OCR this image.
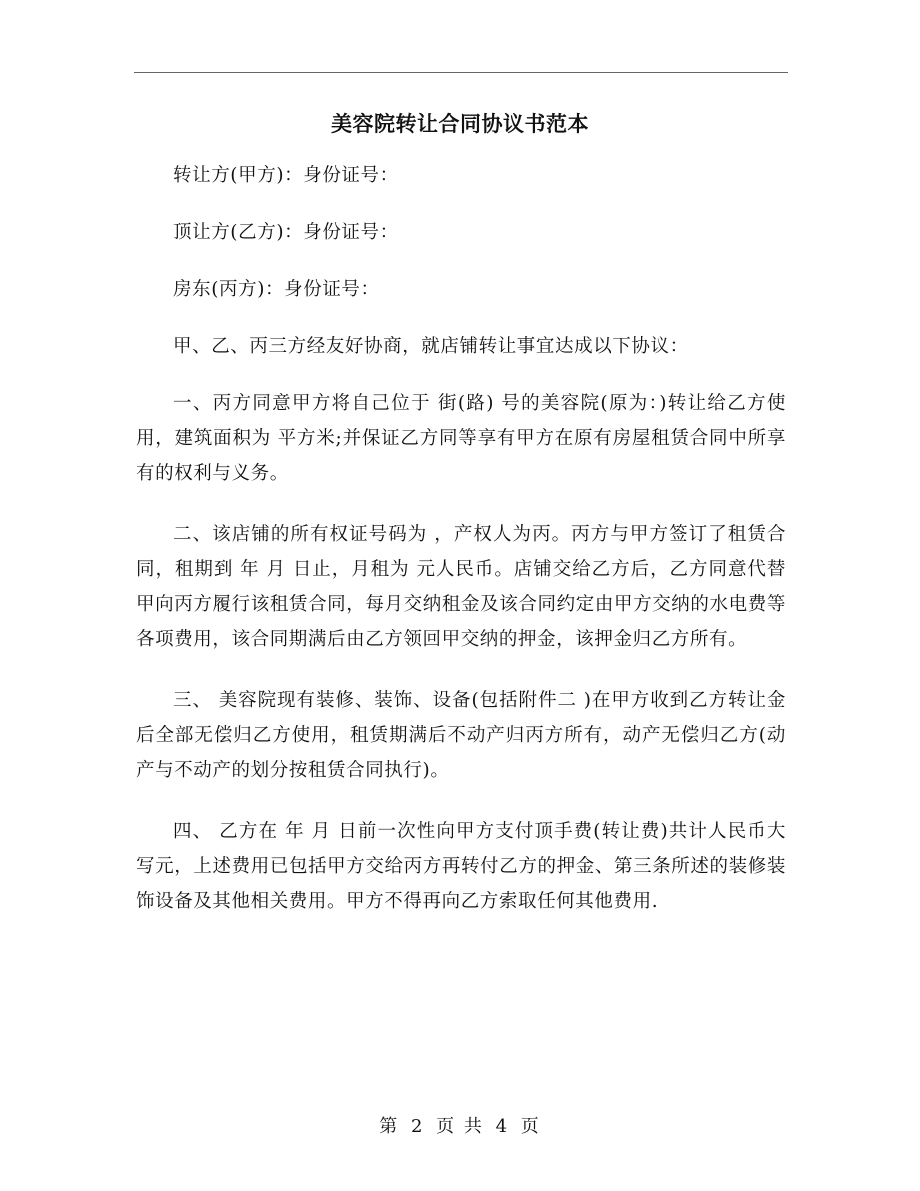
美容院转让合同协议书范本

转让方(甲方)：身份证号：

顶让方(乙方)：身份证号：

房东(丙方)：身份证号：

甲、乙、丙三方经友好协商，就店铺转让事宜达成以下协议：

一、丙方同意甲方将自己位于 街(路) 号的美容院(原为：)转让给乙方使用，建筑面积为 平方米;并保证乙方同等享有甲方在原有房屋租赁合同中所享有的权利与义务。

二、该店铺的所有权证号码为 ，产权人为丙。丙方与甲方签订了租赁合同，租期到 年 月 日止，月租为 元人民币。店铺交给乙方后，乙方同意代替甲向丙方履行该租赁合同，每月交纳租金及该合同约定由甲方交纳的水电费等各项费用，该合同期满后由乙方领回甲交纳的押金，该押金归乙方所有。

三、 美容院现有装修、装饰、设备(包括附件二 )在甲方收到乙方转让金后全部无偿归乙方使用，租赁期满后不动产归丙方所有，动产无偿归乙方(动产与不动产的划分按租赁合同执行)。

四、 乙方在 年 月 日前一次性向甲方支付顶手费(转让费)共计人民币大写元，上述费用已包括甲方交给丙方再转付乙方的押金、第三条所述的装修装饰设备及其他相关费用。甲方不得再向乙方索取任何其他费用.

第 2 页 共 4 页
